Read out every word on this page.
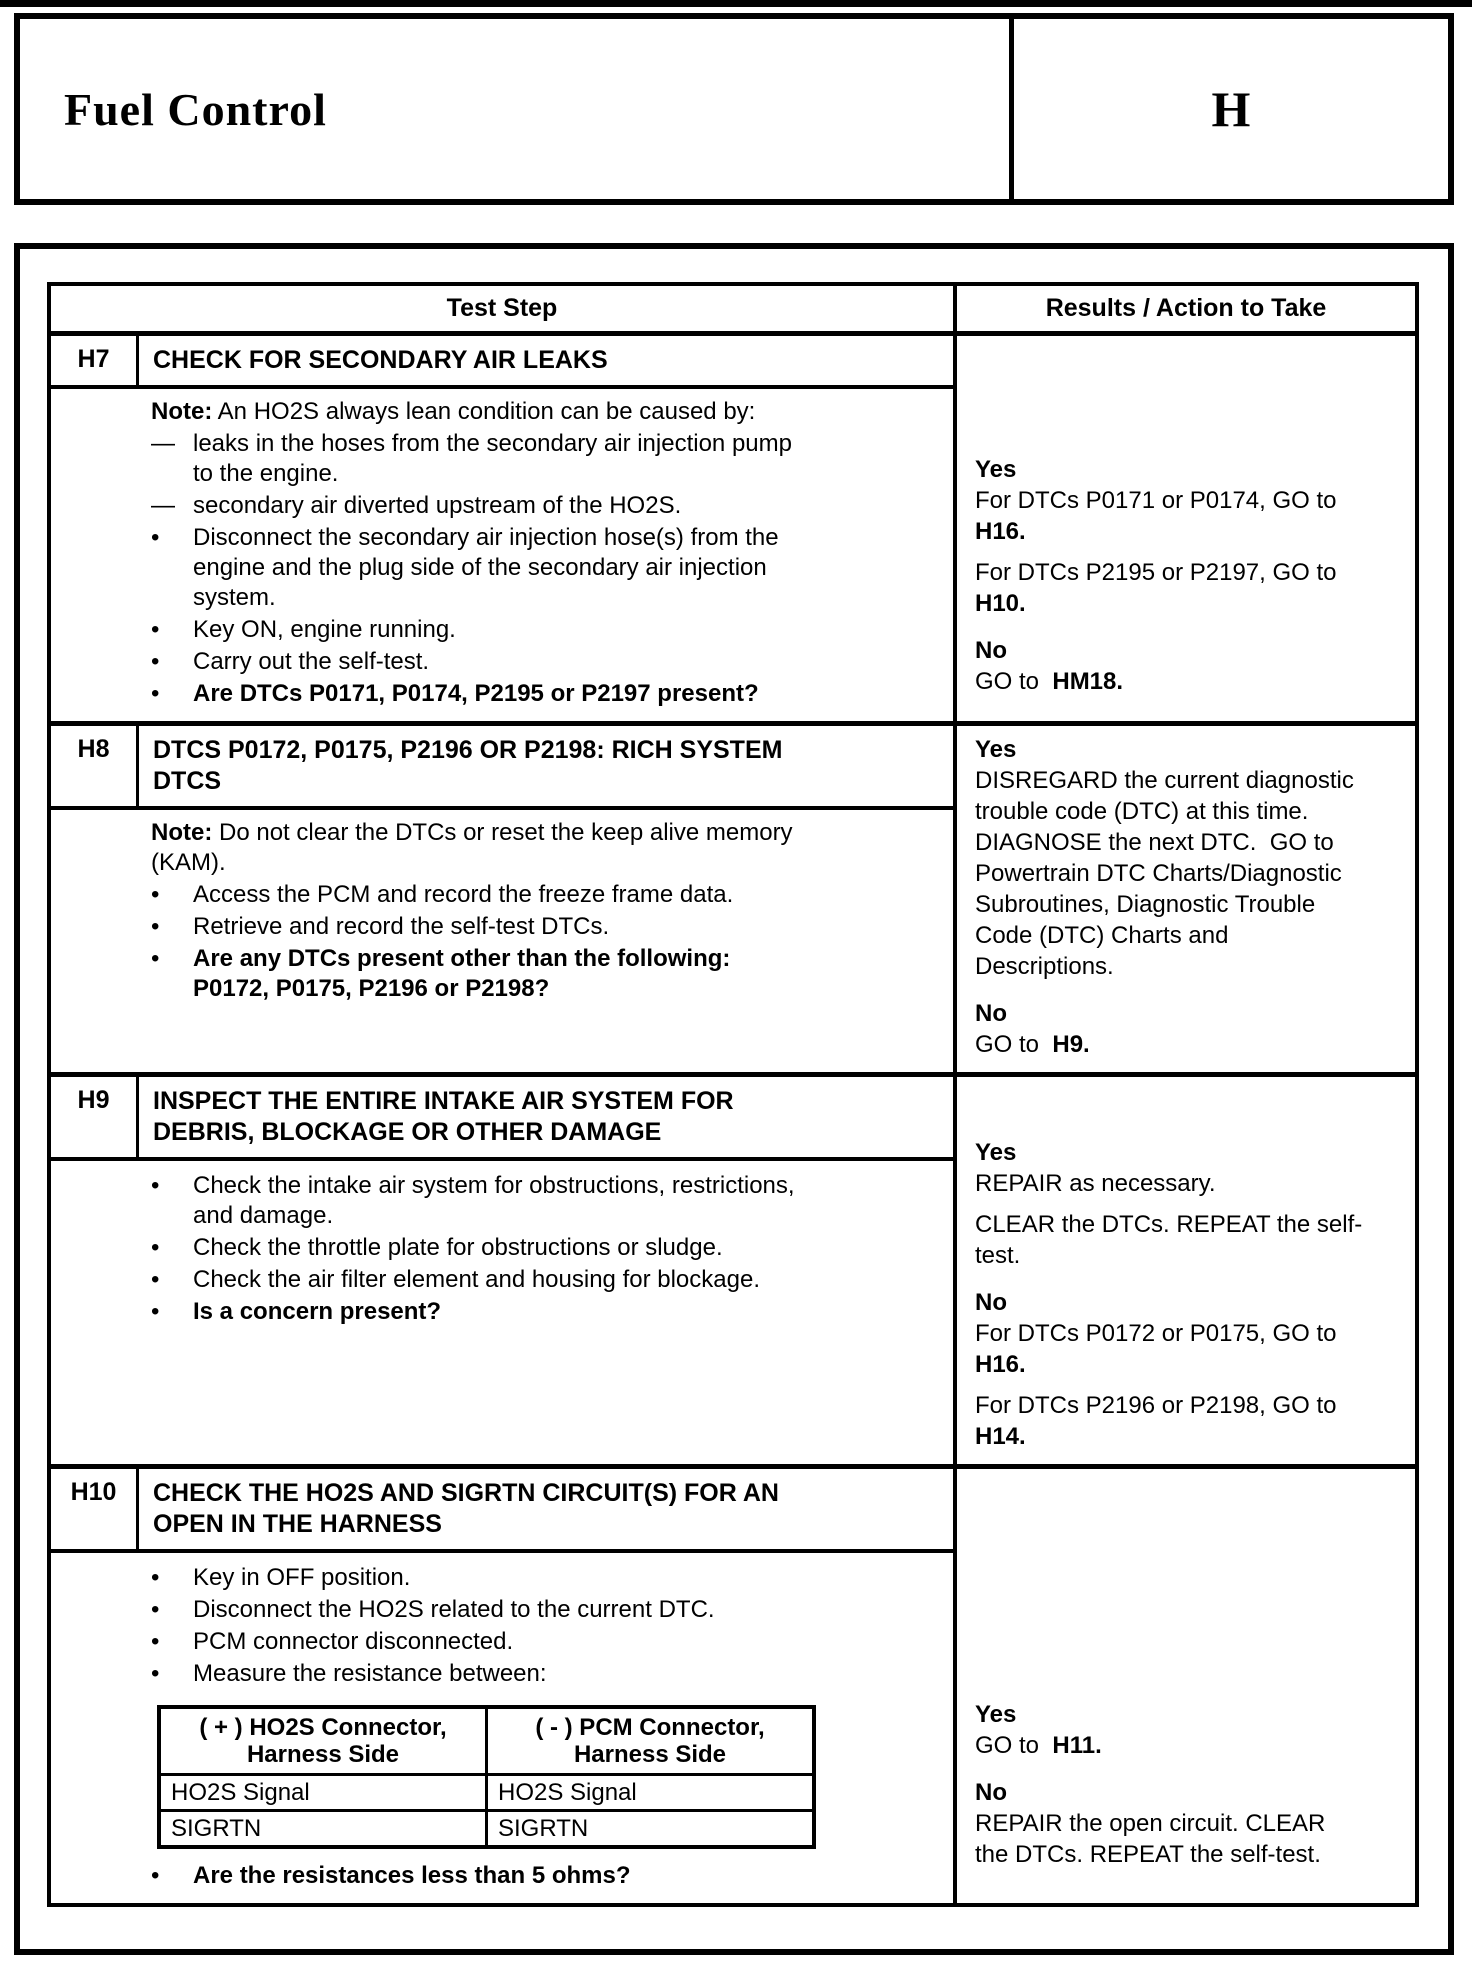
Fuel Control	H
Test Step	Results / Action to Take
H7	CHECK FOR SECONDARY AIR LEAKS
Note: An HO2S always lean condition can be caused by:
— leaks in the hoses from the secondary air injection pump to the engine.
— secondary air diverted upstream of the HO2S.
•	Disconnect the secondary air injection hose(s) from the engine and the plug side of the secondary air injection system.
•	Key ON, engine running.
•	Carry out the self-test.
•	Are DTCs P0171, P0174, P2195 or P2197 present?
Yes
For DTCs P0171 or P0174, GO to H16.
For DTCs P2195 or P2197, GO to H10.
No
GO to  HM18.
H8	DTCS P0172, P0175, P2196 OR P2198: RICH SYSTEM DTCS
Note: Do not clear the DTCs or reset the keep alive memory (KAM).
•	Access the PCM and record the freeze frame data.
•	Retrieve and record the self-test DTCs.
•	Are any DTCs present other than the following: P0172, P0175, P2196 or P2198?
Yes
DISREGARD the current diagnostic trouble code (DTC) at this time. DIAGNOSE the next DTC.  GO to Powertrain DTC Charts/Diagnostic Subroutines, Diagnostic Trouble Code (DTC) Charts and Descriptions.
No
GO to  H9.
H9	INSPECT THE ENTIRE INTAKE AIR SYSTEM FOR DEBRIS, BLOCKAGE OR OTHER DAMAGE
•	Check the intake air system for obstructions, restrictions, and damage.
•	Check the throttle plate for obstructions or sludge.
•	Check the air filter element and housing for blockage.
•	Is a concern present?
Yes
REPAIR as necessary.
CLEAR the DTCs. REPEAT the self-test.
No
For DTCs P0172 or P0175, GO to H16.
For DTCs P2196 or P2198, GO to H14.
H10	CHECK THE HO2S AND SIGRTN CIRCUIT(S) FOR AN OPEN IN THE HARNESS
•	Key in OFF position.
•	Disconnect the HO2S related to the current DTC.
•	PCM connector disconnected.
•	Measure the resistance between:
( + ) HO2S Connector, Harness Side	( - ) PCM Connector, Harness Side
HO2S Signal	HO2S Signal
SIGRTN	SIGRTN
•	Are the resistances less than 5 ohms?
Yes
GO to  H11.
No
REPAIR the open circuit. CLEAR the DTCs. REPEAT the self-test.
